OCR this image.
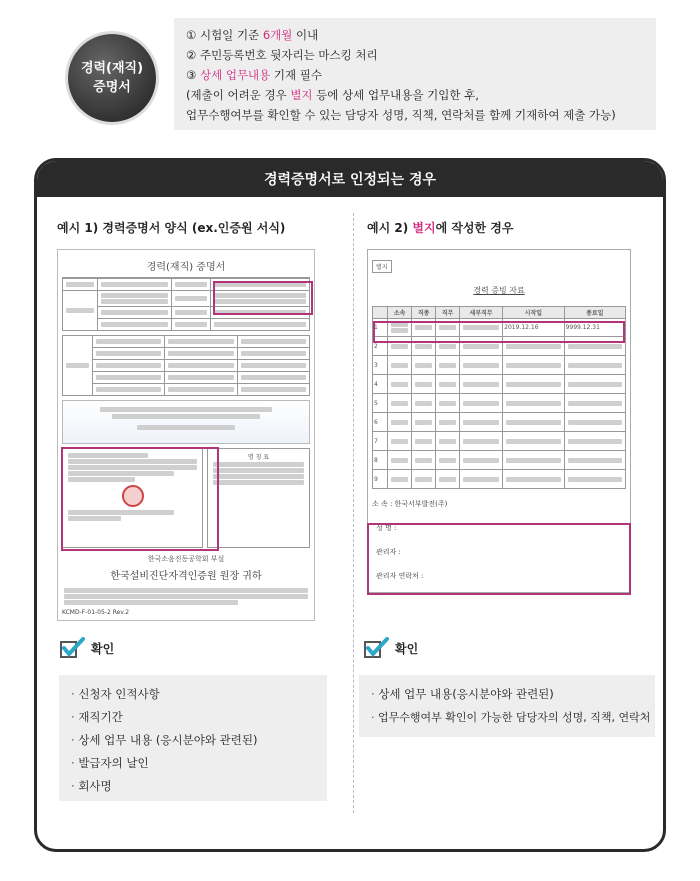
경력(재직)
증명서
① 시험일 기준 6개월 이내
② 주민등록번호 뒷자리는 마스킹 처리
③ 상세 업무내용 기재 필수
(제출이 어려운 경우 별지 등에 상세 업무내용을 기입한 후,
업무수행여부를 확인할 수 있는 담당자 성명, 직책, 연락처를 함께 기재하여 제출 가능)
경력증명서로 인정되는 경우
예시 1) 경력증명서 양식 (ex.인증원 서식)	예시 2) 별지에 작성한 경우
경력(재직) 증명서

명 칭 표
한국소음진동공학회 부설
한국설비진단자격인증원 원장 귀하
KCMD-F-01-05-2 Rev.2
별지
경력 증빙 자료
	소속	직종	직무	세부직무	시작일	종료일
1					2019.12.16	9999.12.31
2	

3	

4	

5	

6	

7	

8	

9	

소 속 : 한국서부발전(주)
성 명 :
관리자 :
관리자 연락처 :
확인	확인
· 신청자 인적사항
· 재직기간
· 상세 업무 내용 (응시분야와 관련된)
· 발급자의 날인
· 회사명
· 상세 업무 내용(응시분야와 관련된)
· 업무수행여부 확인이 가능한 담당자의 성명, 직책, 연락처
